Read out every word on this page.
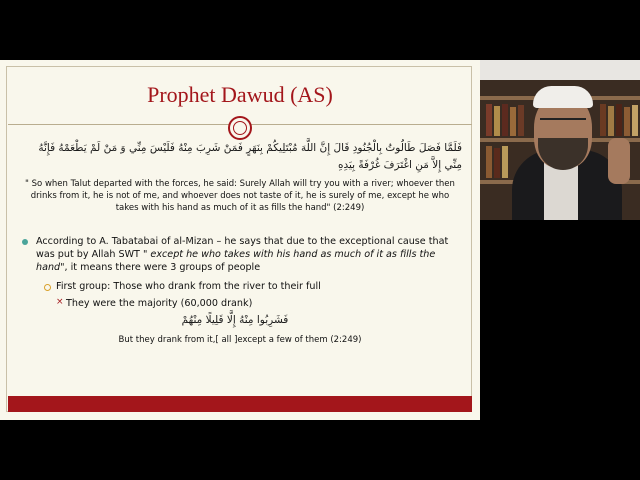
Prophet Dawud (AS)
فَلَمَّا فَصَلَ طَالُوتُ بِالْجُنُودِ قَالَ إِنَّ اللَّهَ مُبْتَلِيكُمْ بِنَهَرٍ فَمَنْ شَرِبَ مِنْهُ فَلَيْسَ مِنِّي وَ مَنْ لَمْ يَطْعَمْهُ فَإِنَّهُ مِنِّي إِلاَّ مَنِ اغْتَرَفَ غُرْفَةً بِيَدِهِ
" So when Talut departed with the forces, he said: Surely Allah will try you with a river; whoever then drinks from it, he is not of me, and whoever does not taste of it, he is surely of me, except he who takes with his hand as much of it as fills the hand" (2:249)
According to A. Tabatabai of al-Mizan – he says that due to the exceptional cause that was put by Allah SWT " except he who takes with his hand as much of it as fills the hand", it means there were 3 groups of people
First group: Those who drank from the river to their full
× They were the majority (60,000 drank)
فَشَرِبُوا مِنْهُ إِلَّا قَلِيلًا مِنْهُمْ
But they drank from it,[ all ]except a few of them (2:249)
